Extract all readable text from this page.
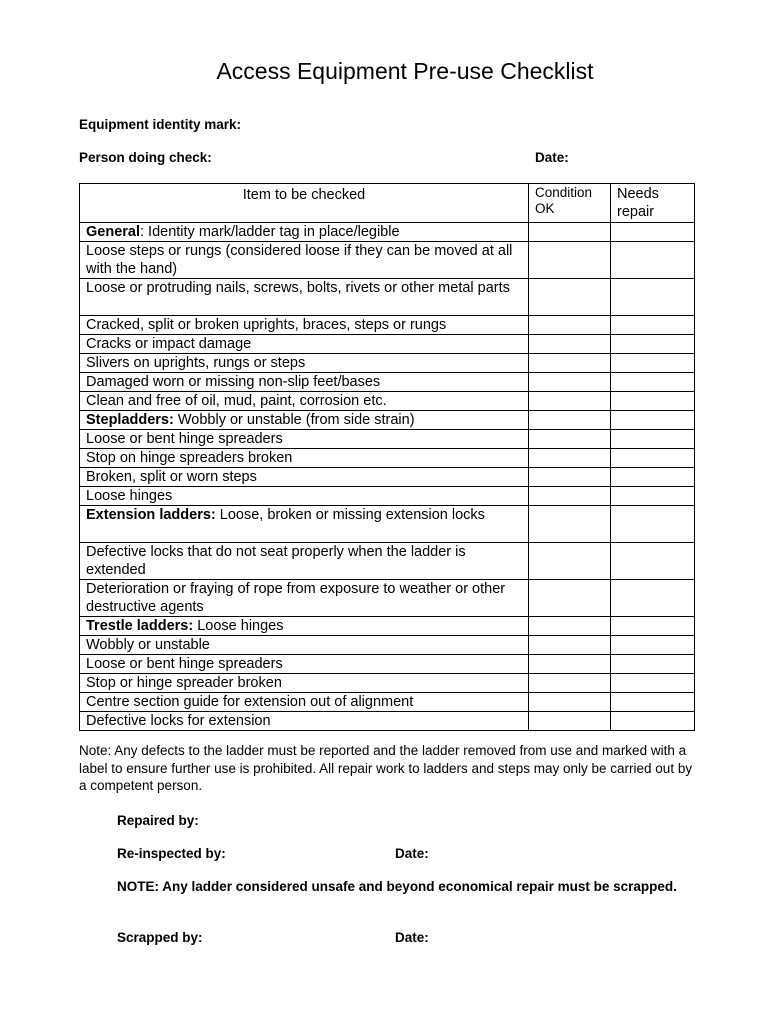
Access Equipment Pre-use Checklist
Equipment identity mark:
Person doing check:	Date:
Item to be checked	Condition OK	Needs repair
General: Identity mark/ladder tag in place/legible		
Loose steps or rungs (considered loose if they can be moved at all with the hand)		
Loose or protruding nails, screws, bolts, rivets or other metal parts		
Cracked, split or broken uprights, braces, steps or rungs		
Cracks or impact damage		
Slivers on uprights, rungs or steps		
Damaged worn or missing non-slip feet/bases		
Clean and free of oil, mud, paint, corrosion etc.		
Stepladders: Wobbly or unstable (from side strain)		
Loose or bent hinge spreaders		
Stop on hinge spreaders broken		
Broken, split or worn steps		
Loose hinges		
Extension ladders: Loose, broken or missing extension locks		
Defective locks that do not seat properly when the ladder is extended		
Deterioration or fraying of rope from exposure to weather or other destructive agents		
Trestle ladders: Loose hinges		
Wobbly or unstable		
Loose or bent hinge spreaders		
Stop or hinge spreader broken		
Centre section guide for extension out of alignment		
Defective locks for extension		
Note: Any defects to the ladder must be reported and the ladder removed from use and marked with a label to ensure further use is prohibited. All repair work to ladders and steps may only be carried out by a competent person.
Repaired by:
Re-inspected by:	Date:
NOTE: Any ladder considered unsafe and beyond economical repair must be scrapped.
Scrapped by:	Date:
